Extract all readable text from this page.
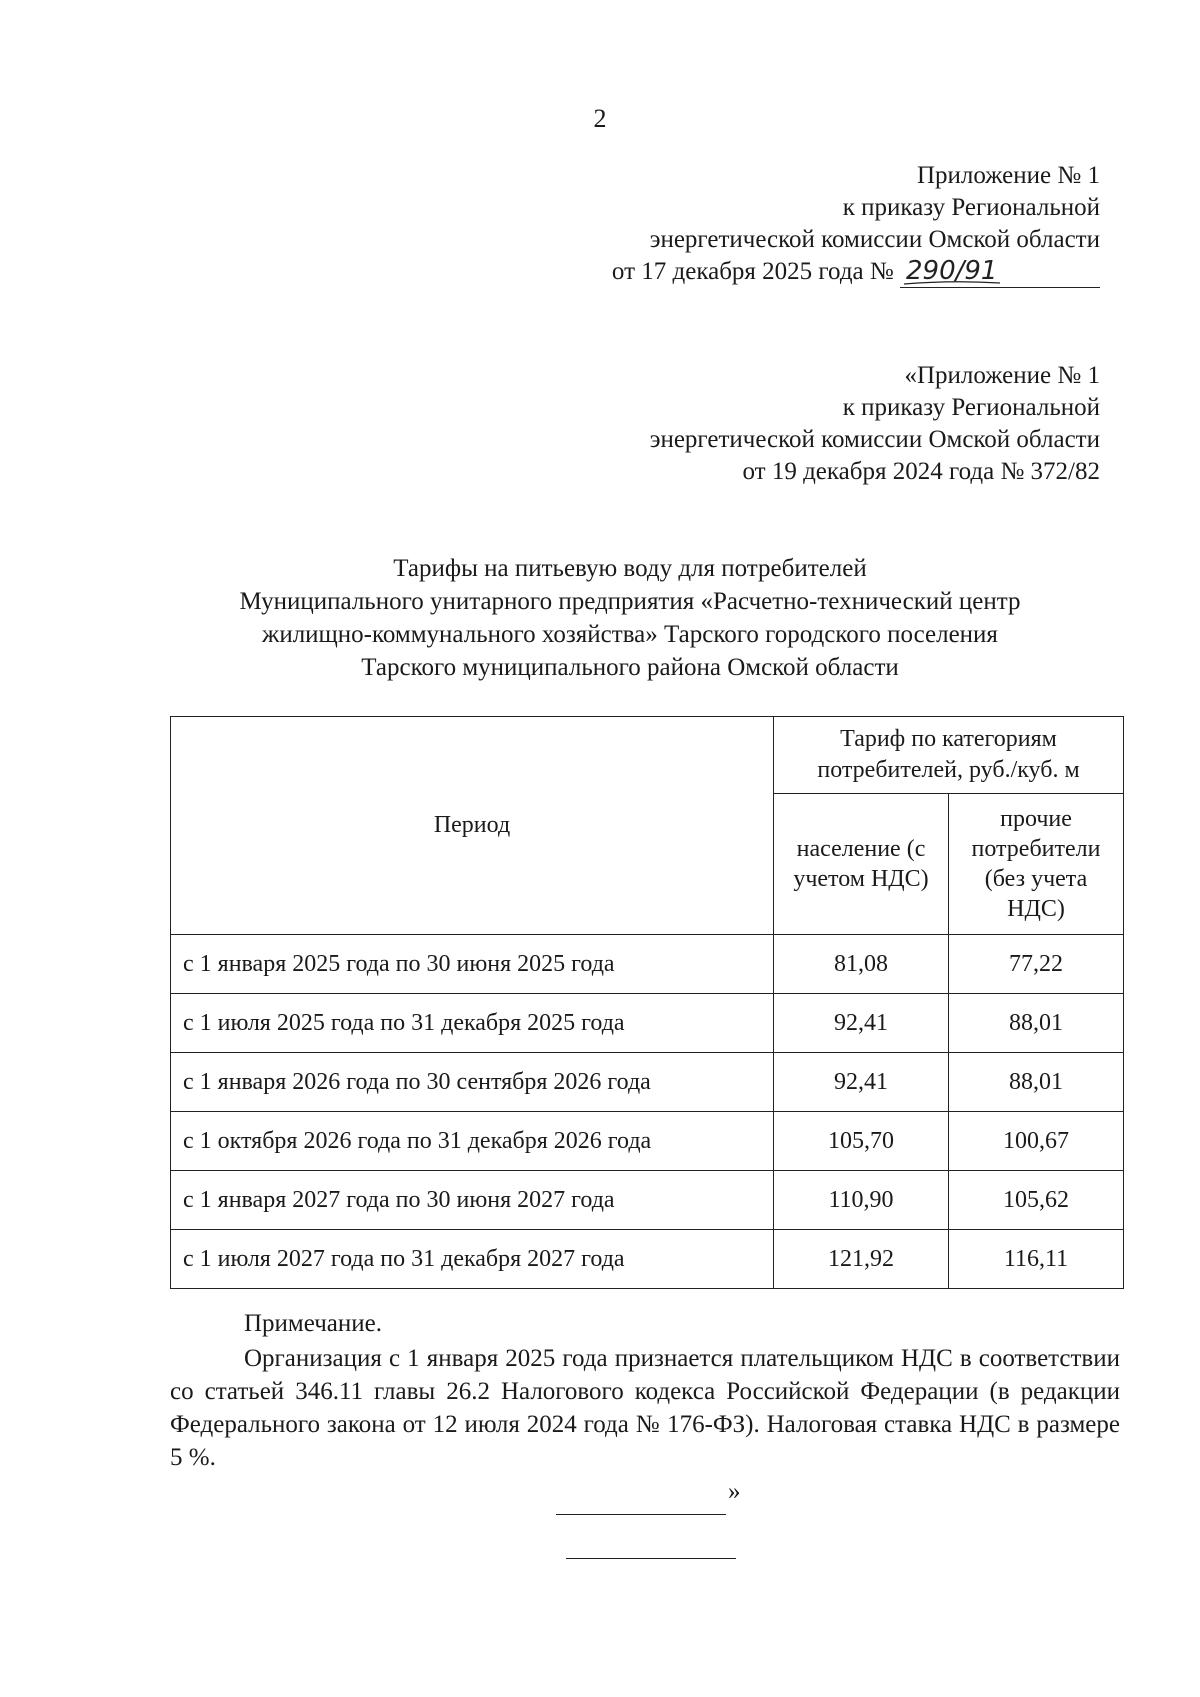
2
Приложение № 1
к приказу Региональной
энергетической комиссии Омской области
от 17 декабря 2025 года № 290/91
«Приложение № 1
к приказу Региональной
энергетической комиссии Омской области
от 19 декабря 2024 года № 372/82
Тарифы на питьевую воду для потребителей
Муниципального унитарного предприятия «Расчетно-технический центр
жилищно-коммунального хозяйства» Тарского городского поселения
Тарского муниципального района Омской области
Период	Тариф по категориям потребителей, руб./куб. м	
	население (с учетом НДС)	прочие потребители (без учета НДС)
с 1 января 2025 года по 30 июня 2025 года	81,08	77,22
с 1 июля 2025 года по 31 декабря 2025 года	92,41	88,01
с 1 января 2026 года по 30 сентября 2026 года	92,41	88,01
с 1 октября 2026 года по 31 декабря 2026 года	105,70	100,67
с 1 января 2027 года по 30 июня 2027 года	110,90	105,62
с 1 июля 2027 года по 31 декабря 2027 года	121,92	116,11
Примечание.
Организация с 1 января 2025 года признается плательщиком НДС в соответствии со статьей 346.11 главы 26.2 Налогового кодекса Российской Федерации (в редакции Федерального закона от 12 июля 2024 года № 176-ФЗ). Налоговая ставка НДС в размере 5 %.
»
